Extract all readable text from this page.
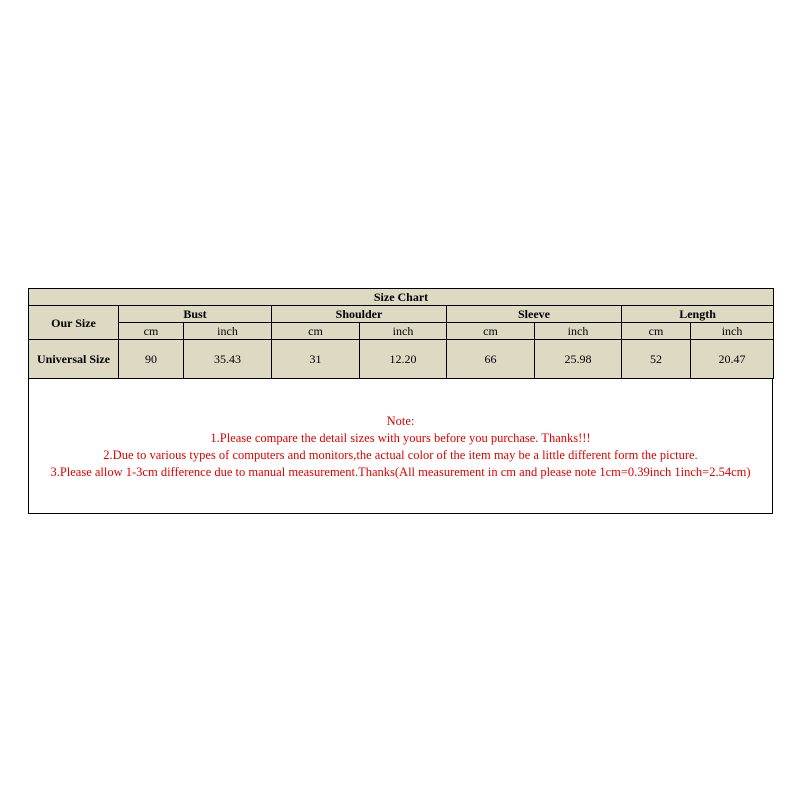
Size Chart								
Our Size	Bust		Shoulder		Sleeve		Length	
	cm	inch	cm	inch	cm	inch	cm	inch
Universal Size	90	35.43	31	12.20	66	25.98	52	20.47
Note:
1.Please compare the detail sizes with yours before you purchase. Thanks!!!
2.Due to various types of computers and monitors,the actual color of the item may be a little different form the picture.
3.Please allow 1-3cm difference due to manual measurement.Thanks(All measurement in cm and please note 1cm=0.39inch 1inch=2.54cm)
